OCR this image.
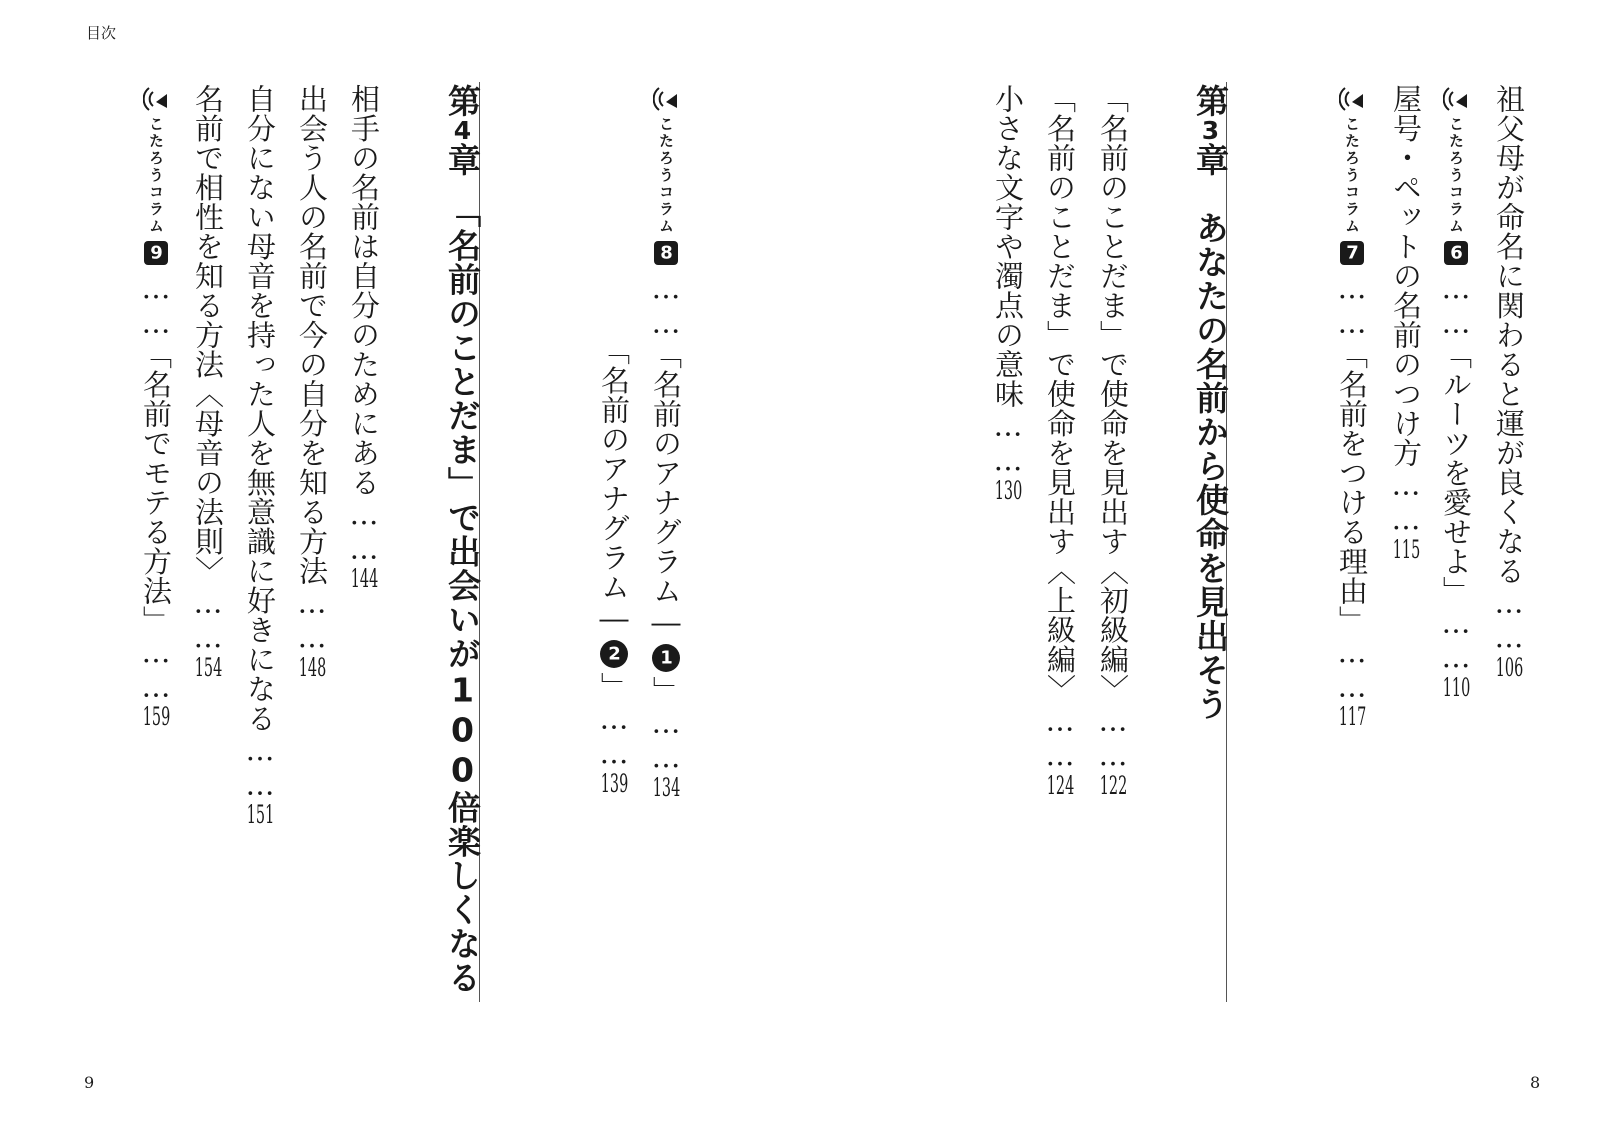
目次
祖父母が命名に関わると運が良くなる……106
こたろうコラム6……「ルーツを愛せよ」……110
屋号・ペットの名前のつけ方……115
こたろうコラム7……「名前をつける理由」……117
第3章　あなたの名前から使命を見出そう
「名前のことだま」で使命を見出す〈初級編〉……122
「名前のことだま」で使命を見出す〈上級編〉……124
小さな文字や濁点の意味……130
こたろうコラム8……「名前のアナグラム―1」……134
「名前のアナグラム―2」……139
第4章　「名前のことだま」で出会いが100倍楽しくなる
相手の名前は自分のためにある……144
出会う人の名前で今の自分を知る方法……148
自分にない母音を持った人を無意識に好きになる……151
名前で相性を知る方法〈母音の法則〉……154
こたろうコラム9……「名前でモテる方法」……159
9	8
